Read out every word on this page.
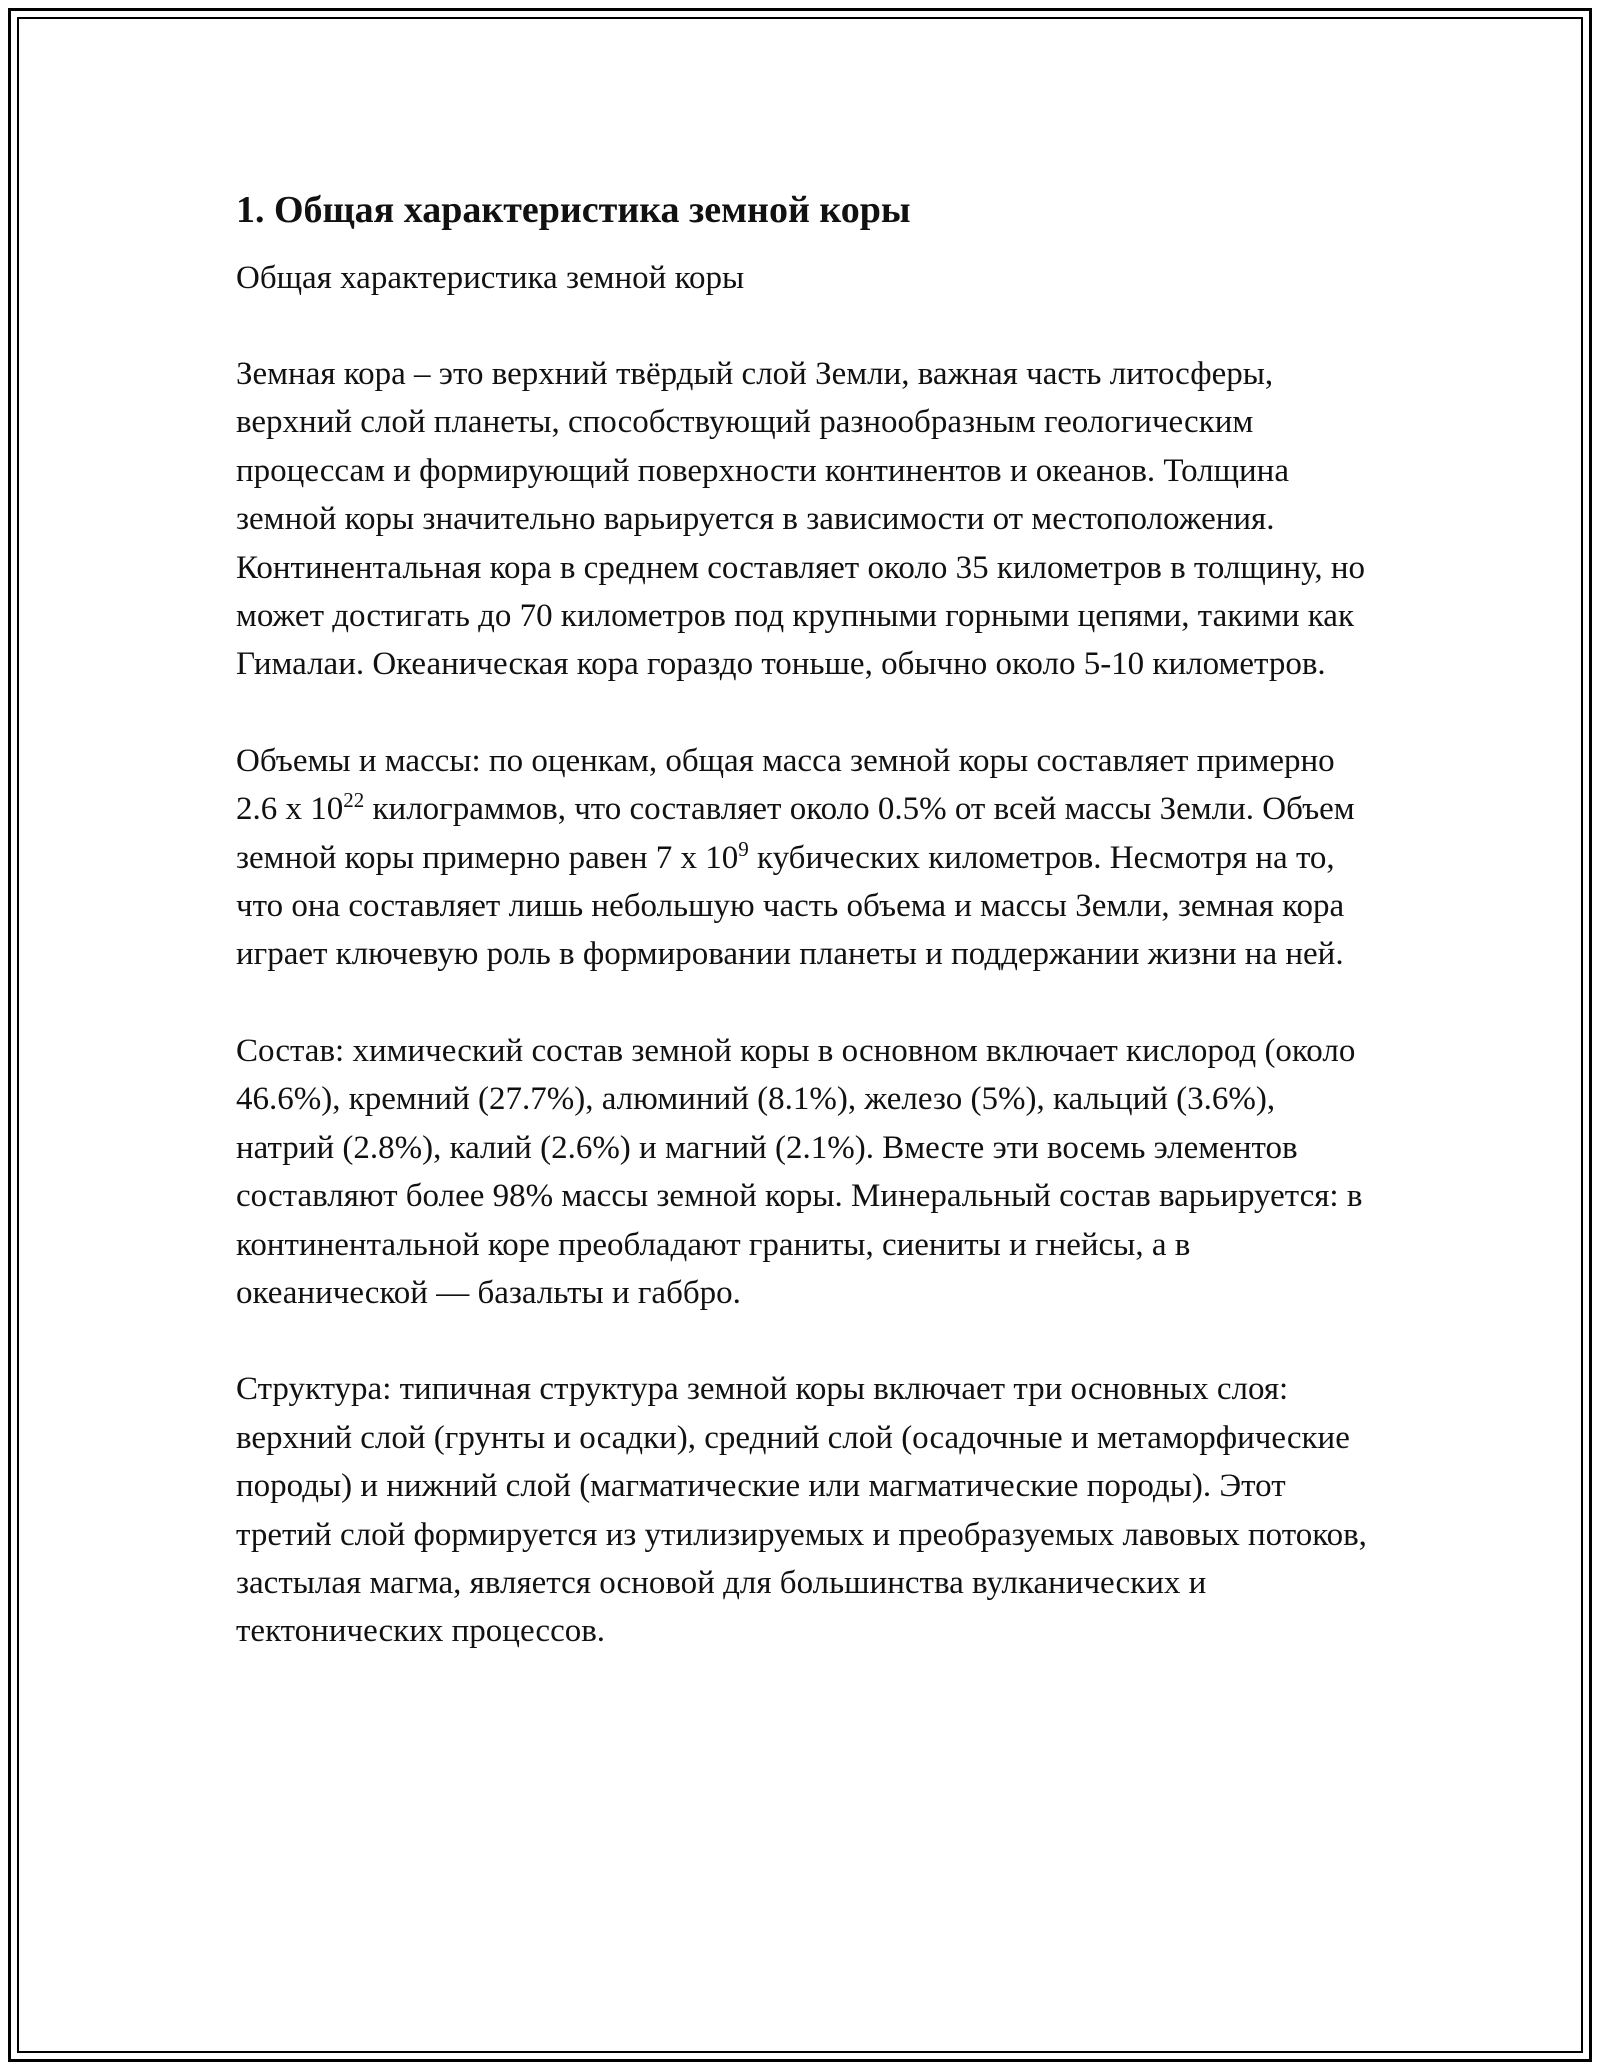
1. Общая характеристика земной коры

Общая характеристика земной коры

Земная кора – это верхний твёрдый слой Земли, важная часть литосферы, верхний слой планеты, способствующий разнообразным геологическим процессам и формирующий поверхности континентов и океанов. Толщина земной коры значительно варьируется в зависимости от местоположения. Континентальная кора в среднем составляет около 35 километров в толщину, но может достигать до 70 километров под крупными горными цепями, такими как Гималаи. Океаническая кора гораздо тоньше, обычно около 5-10 километров.

Объемы и массы: по оценкам, общая масса земной коры составляет примерно 2.6 x $10^{22}$ килограммов, что составляет около 0.5% от всей массы Земли. Объем земной коры примерно равен 7 x $10^9$ кубических километров. Несмотря на то, что она составляет лишь небольшую часть объема и массы Земли, земная кора играет ключевую роль в формировании планеты и поддержании жизни на ней.

Состав: химический состав земной коры в основном включает кислород (около 46.6%), кремний (27.7%), алюминий (8.1%), железо (5%), кальций (3.6%), натрий (2.8%), калий (2.6%) и магний (2.1%). Вместе эти восемь элементов составляют более 98% массы земной коры. Минеральный состав варьируется: в континентальной коре преобладают граниты, сиениты и гнейсы, а в океанической — базальты и габбро.

Структура: типичная структура земной коры включает три основных слоя: верхний слой (грунты и осадки), средний слой (осадочные и метаморфические породы) и нижний слой (магматические или магматические породы). Этот третий слой формируется из утилизируемых и преобразуемых лавовых потоков, застылая магма, является основой для большинства вулканических и тектонических процессов.
